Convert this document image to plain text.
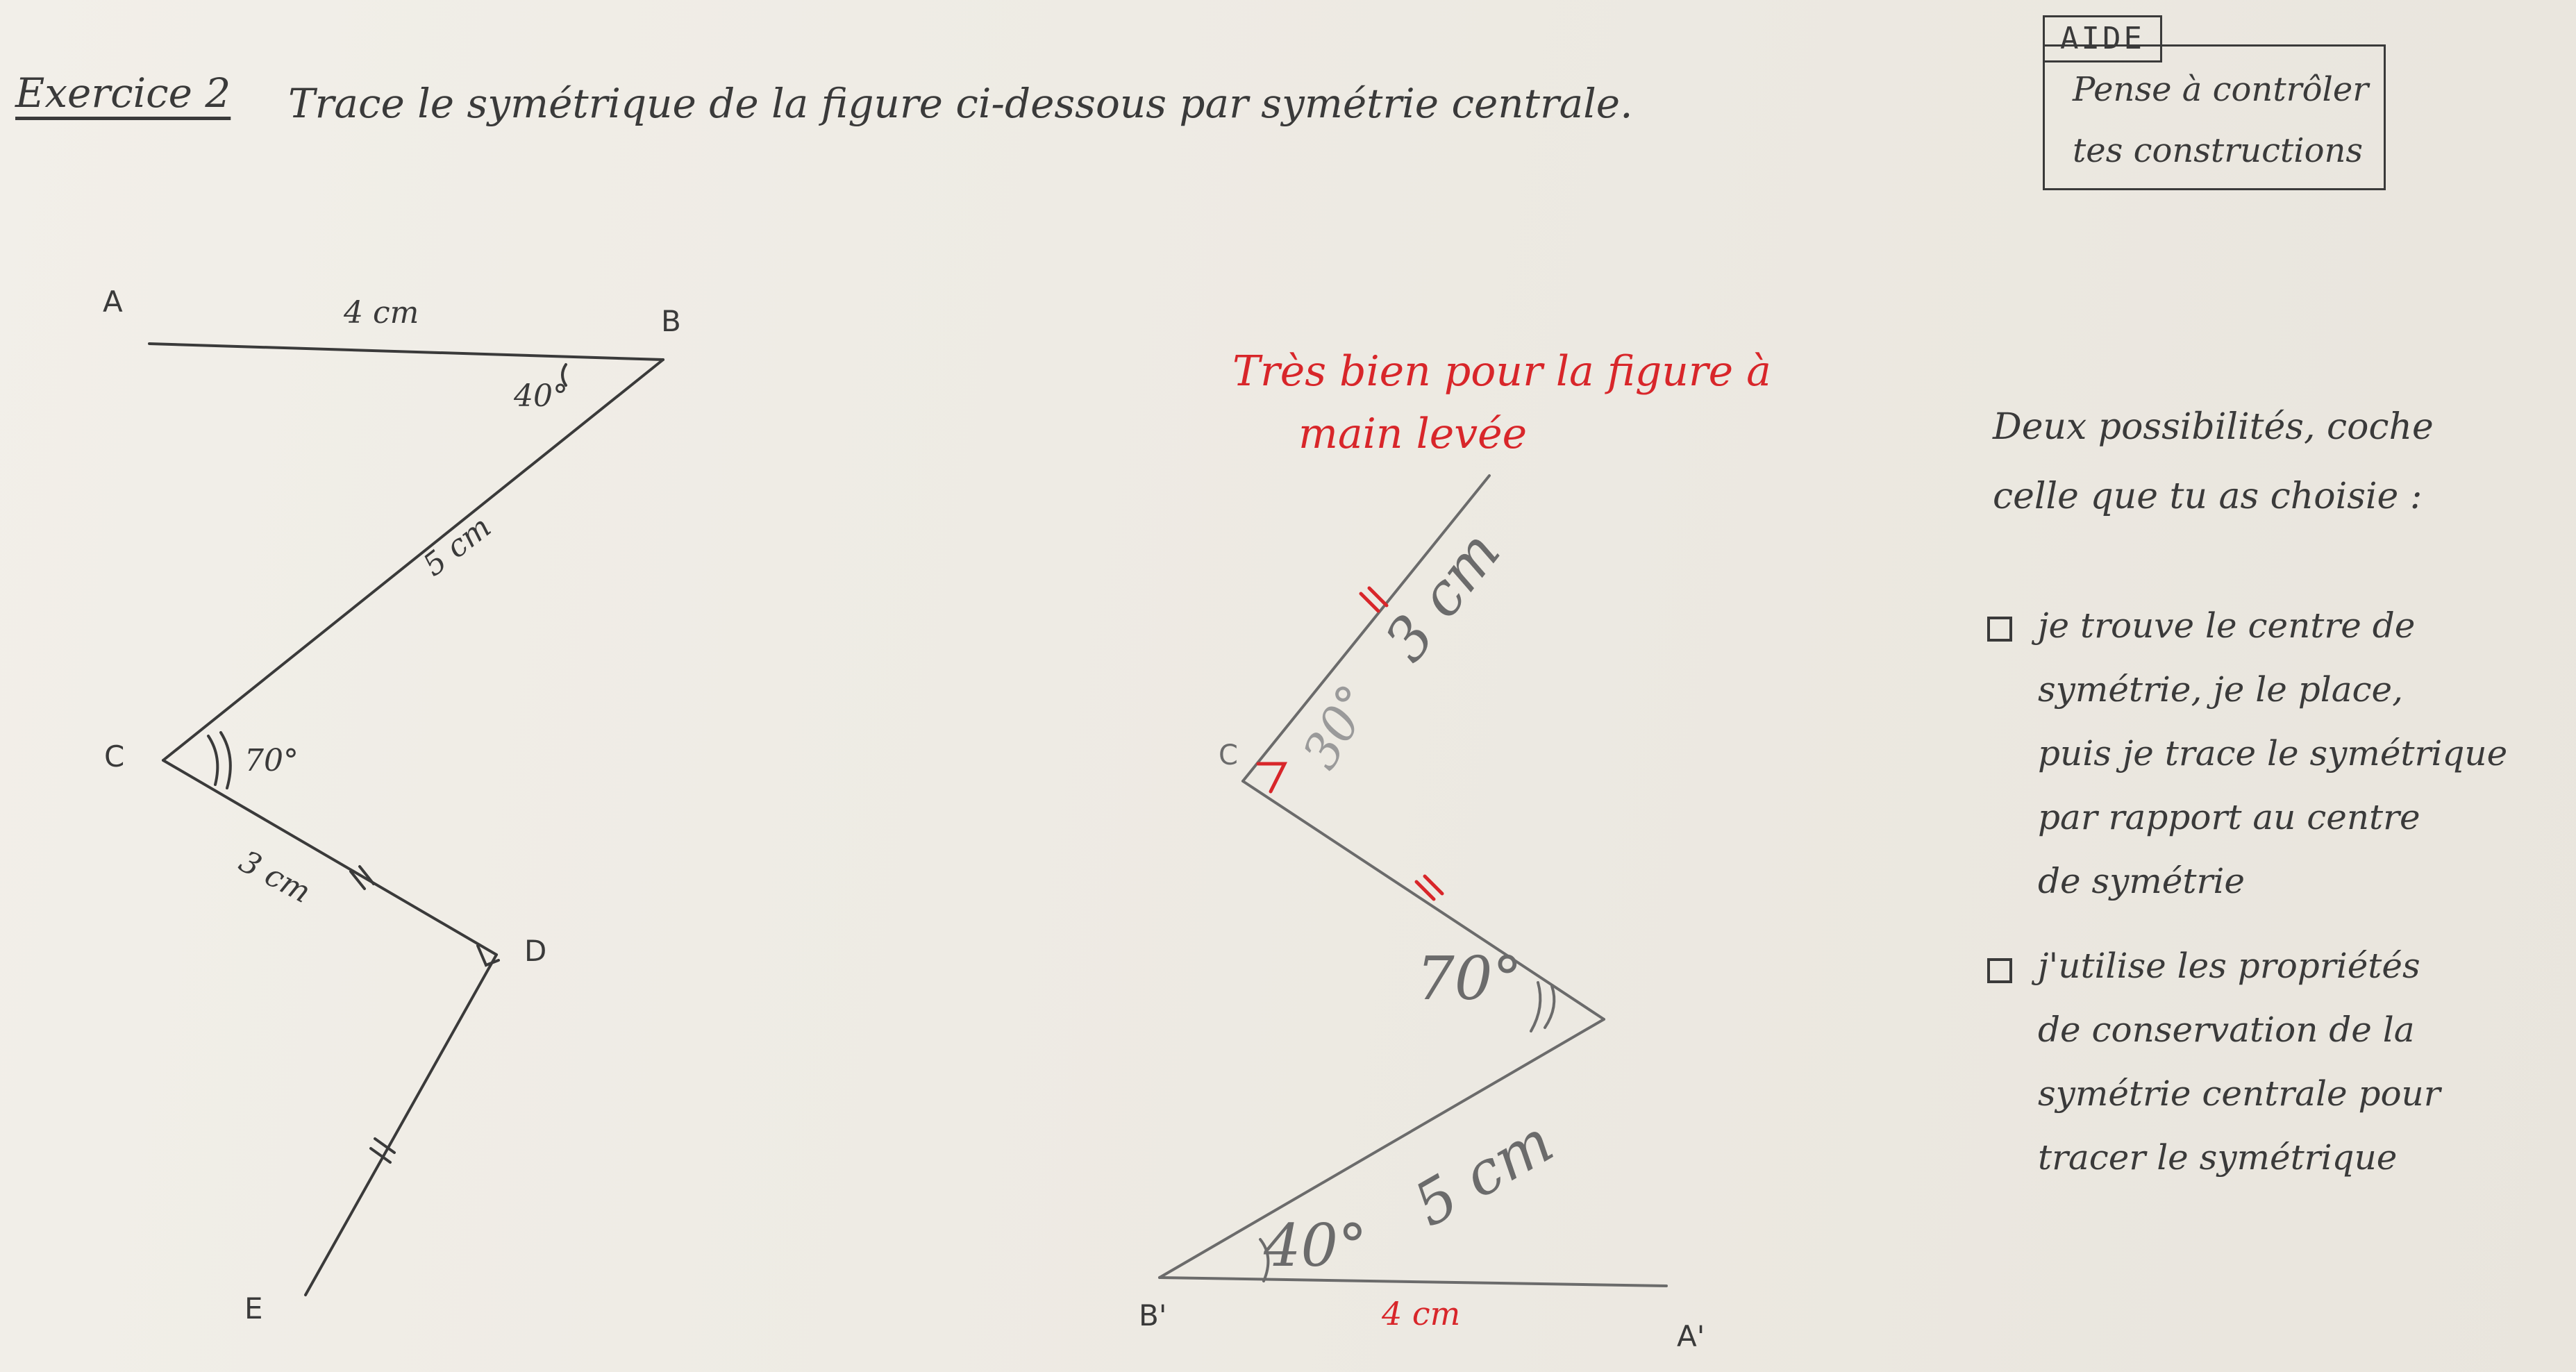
Exercice 2 Trace le symétrique de la figure ci-dessous par symétrie centrale.	Pense à contrôler tes constructions
AIDE
A
B
C
D
E
4 cm
40°
5 cm
70°
3 cm
Très bien pour la figure à
main levée
B'
A'
C
4 cm
40°
5 cm
70°
3 cm
30°
Deux possibilités, coche celle que tu as choisie :
je trouve le centre de
symétrie, je le place,
puis je trace le symétrique
par rapport au centre
de symétrie
j'utilise les propriétés
de conservation de la
symétrie centrale pour
tracer le symétrique
